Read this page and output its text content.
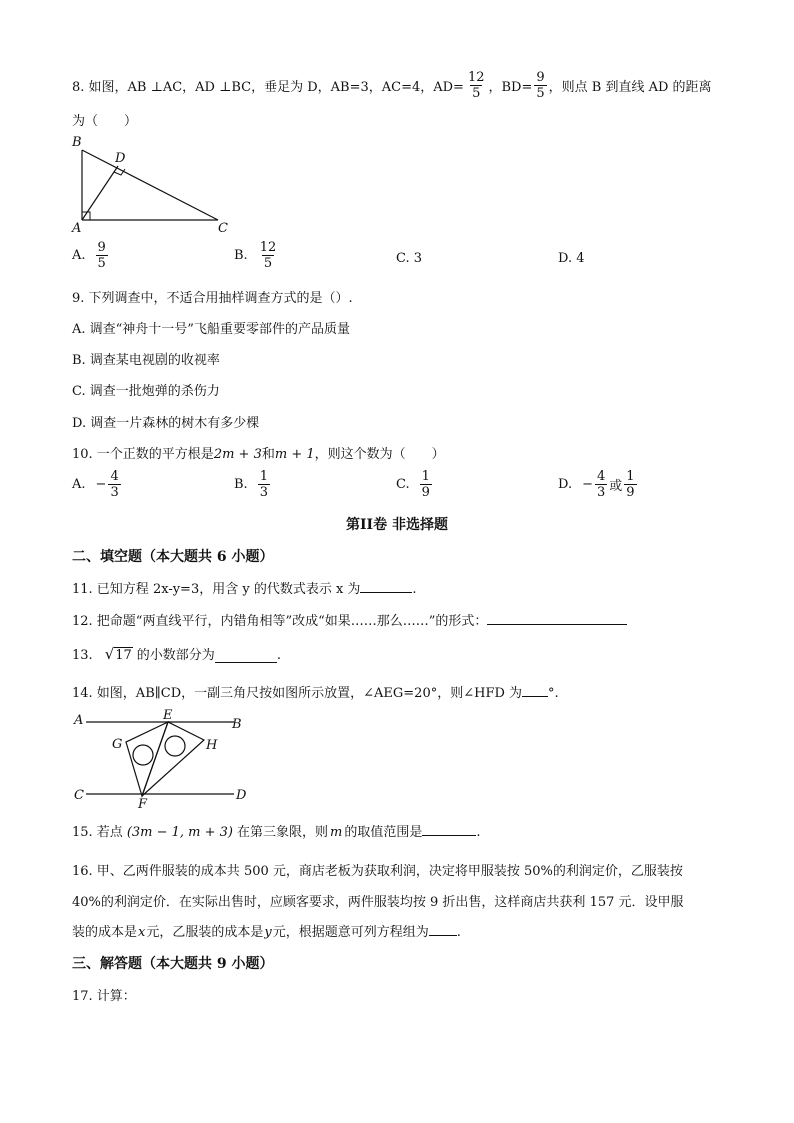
8. 如图，AB ⊥AC，AD ⊥BC，垂足为 D，AB=3，AC=4，$AD= \frac{12}{5}$ ，$BD= \frac{9}{5}$ ，则点 B 到直线 AD 的距离
为（　　）
B
D
A	C
A. $\frac{9}{5}$	B. $\frac{12}{5}$	C. 3	D. 4
9. 下列调查中，不适合用抽样调查方式的是（）.
A. 调查“神舟十一号”飞船重要零部件的产品质量
B. 调查某电视剧的收视率
C. 调查一批炮弹的杀伤力
D. 调查一片森林的树木有多少棵
10. 一个正数的平方根是2m + 3和m + 1，则这个数为（　　）
A. − $\frac{4}{3}$	B. $\frac{1}{3}$	C. $\frac{1}{9}$	D. − $\frac{4}{3}$ 或 $\frac{1}{9}$
第II卷 非选择题
二、填空题（本大题共 6 小题）
11. 已知方程 2x-y=3，用含 y 的代数式表示 x 为	.
12. 把命题“两直线平行，内错角相等”改成“如果……那么……”的形式：
13. √ 17 的小数部分为	.
14. 如图，AB∥CD，一副三角尺按如图所示放置，∠AEG=20°，则∠HFD 为 °.
A	E
B
G	H
C
F
D
15. 若点 (3m − 1, m + 3) 在第三象限，则 m 的取值范围是	.
16. 甲、乙两件服装的成本共 500 元，商店老板为获取利润，决定将甲服装按 50%的利润定价，乙服装按
40%的利润定价．在实际出售时，应顾客要求，两件服装均按 9 折出售，这样商店共获利 157 元．设甲服
装的成本是x元，乙服装的成本是y元，根据题意可列方程组为 .
三、解答题（本大题共 9 小题）
17. 计算：
